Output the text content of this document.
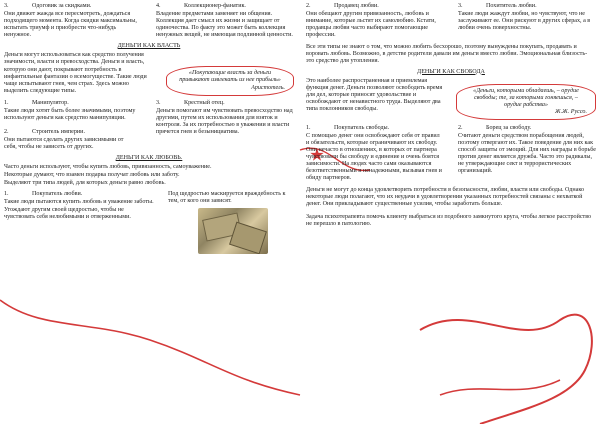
3.	Одоговик за скидками.

Они движет жажда все пересмотреть, дождаться подходящего момента. Когда скидки максимальны, испытать триумф и приобрести что-нибудь ненужное.

4.	Коллекционер-фанатик.

Владение предметами заменяет ни общения. Коллекция дает смысл их жизни и защищает от одиночества. По факту это может быть коллекция ненужных вещей, не имеющая подлинной ценности.

ДЕНЬГИ КАК ВЛАСТЬ

Деньги могут использоваться как средство получения значимости, власти и превосходства. Деньги и власть, которую они дают, покрывают потребность в инфантильные фантазии о всемогуществе. Такие люди чаще испытывают гнев, чем страх. Здесь можно выделить следующие типы.

«Покупающие власть за деньги привыкают извлекать из нее прибыль»
Аристотель.

1.	Манипулятор.

Такие люди хотят быть более значимыми, поэтому используют деньги как средство манипуляции.

2.	Строитель империи.

Они пытаются сделать других зависимыми от себя, чтобы не зависеть от других.

3.	Крестный отец.

Деньги помогают им чувствовать превосходство над другими, путем их использования для взяток и контроля. За их потребностью в уважении и власти прячется гнев и безынициатива.

ДЕНЬГИ КАК ЛЮБОВЬ.

Часто деньги используют, чтобы купить любовь, привязанность, самоуважение.

Некоторые думают, что взамен подарка получат любовь или заботу.

Выделяют три типа людей, для которых деньги равно любовь.

1.	Покупатель любви.

Такие люди пытаются купить любовь и уважение заботы. Угождают другим своей щедростью, чтобы не чувствовать себя нелюбимыми и отверженными.

Под щедростью маскируется враждебность к тем, от кого они зависят.

2.	Продавец любви.

Они обещают другим привязанность, любовь и внимание, которые льстят их самолюбию. Кстати, продавцы любви часто выбирают помогающие профессии.

3.	Похититель любви.

Такие люди жаждут любви, но чувствуют, что не заслуживают ее. Они рискуют в других сферах, а в любви очень поверхностны.

Все эти типы не знают о том, что можно любить бесхорошо, поэтому вынуждены покупать, продавать и воровать любовь. Возможно, в детстве родители давали им деньги вместо любви. Эмоциональная близость- это средство для утопления.

ДЕНЬГИ КАК СВОБОДА

Это наиболее распространенная и приемлемая функция денег. Деньги позволяют освободить время для дел, которые приносят удовольствие и освобождают от ненавистного труда. Выделяют два типа поклонников свободы.

«Деньги, которыми обладаешь, – орудие свободы; те, за которыми гоняешься, – орудие рабства»
Ж.Ж. Руссо.

1.	Покупатель свободы.

С помощью денег они освобождают себя от правил и обязательств, которые ограничивают их свободу. Они нечасто в отношениях, в которых от партнера чувствовали бы свободу и единение и очень боятся зависимости. На людях часто сами оказываются безответственными и ненадежными, вызывая гнев и обиду партнеров.

2.	Борец за свободу.

Считают деньги средством порабощения людей, поэтому отвергают их. Такое поведение для них как способ защиты от эмоций. Для них награды в борьбе против денег является дружба. Часто это радикалы, не утверждающие сект и террористических организаций.

Деньги не могут до конца удовлетворить потребности в безопасности, любви, власти или свободы. Однако некоторые люди полагают, что их неудачи в удовлетворении указанных потребностей связаны с нехваткой денег. Они прикладывают существенные усилия, чтобы заработать больше.

Задача психотерапевта помочь клиенту выбраться из подобного замкнутого круга, чтобы легкое расстройство не перешло в патологию.
